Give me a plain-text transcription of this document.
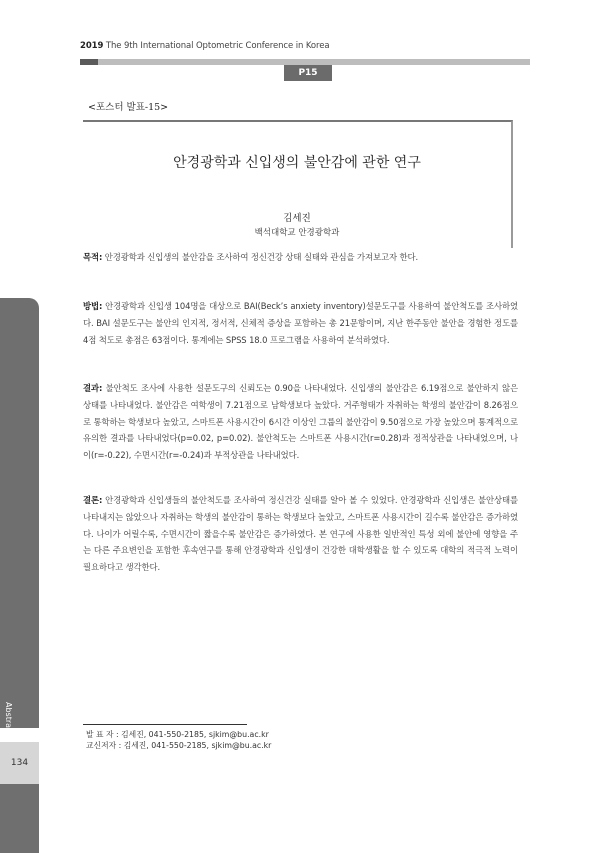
2019 The 9th International Optometric Conference in Korea
P15
<포스터 발표-15>
안경광학과 신입생의 불안감에 관한 연구
김세진
백석대학교 안경광학과
목적: 안경광학과 신입생의 불안감을 조사하여 정신건강 상태 실태와 관심을 가져보고자 한다.
방법: 안경광학과 신입생 104명을 대상으로 BAI(Beck’s anxiety inventory)설문도구를 사용하여 불안척도를 조사하였다. BAI 설문도구는 불안의 인지적, 정서적, 신체적 증상을 포함하는 총 21문항이며, 지난 한주동안 불안을 경험한 정도를 4점 척도로 총점은 63점이다. 통계에는 SPSS 18.0 프로그램을 사용하여 분석하였다.
결과: 불안척도 조사에 사용한 설문도구의 신뢰도는 0.90을 나타내었다. 신입생의 불안감은 6.19점으로 불안하지 않은 상태를 나타내었다. 불안감은 여학생이 7.21점으로 남학생보다 높았다. 거주형태가 자취하는 학생의 불안감이 8.26점으로 통학하는 학생보다 높았고, 스마트폰 사용시간이 6시간 이상인 그룹의 불안감이 9.50점으로 가장 높았으며 통계적으로 유의한 결과를 나타내었다(p=0.02, p=0.02). 불안척도는 스마트폰 사용시간(r=0.28)과 정적상관을 나타내었으며, 나이(r=-0.22), 수면시간(r=-0.24)과 부적상관을 나타내었다.
결론: 안경광학과 신입생들의 불안척도를 조사하여 정신건강 실태를 알아 볼 수 있었다. 안경광학과 신입생은 불안상태를 나타내지는 않았으나 자취하는 학생의 불안감이 통하는 학생보다 높았고, 스마트폰 사용시간이 길수록 불안감은 증가하였다. 나이가 어릴수록, 수면시간이 짧을수록 불안감은 증가하였다. 본 연구에 사용한 일반적인 특성 외에 불안에 영향을 주는 다른 주요변인을 포함한 후속연구를 통해 안경광학과 신입생이 건강한 대학생활을 할 수 있도록 대학의 적극적 노력이 필요하다고 생각한다.
Abstract
134
발 표 자 : 김세진, 041-550-2185, sjkim@bu.ac.kr
교신저자 : 김세진, 041-550-2185, sjkim@bu.ac.kr
